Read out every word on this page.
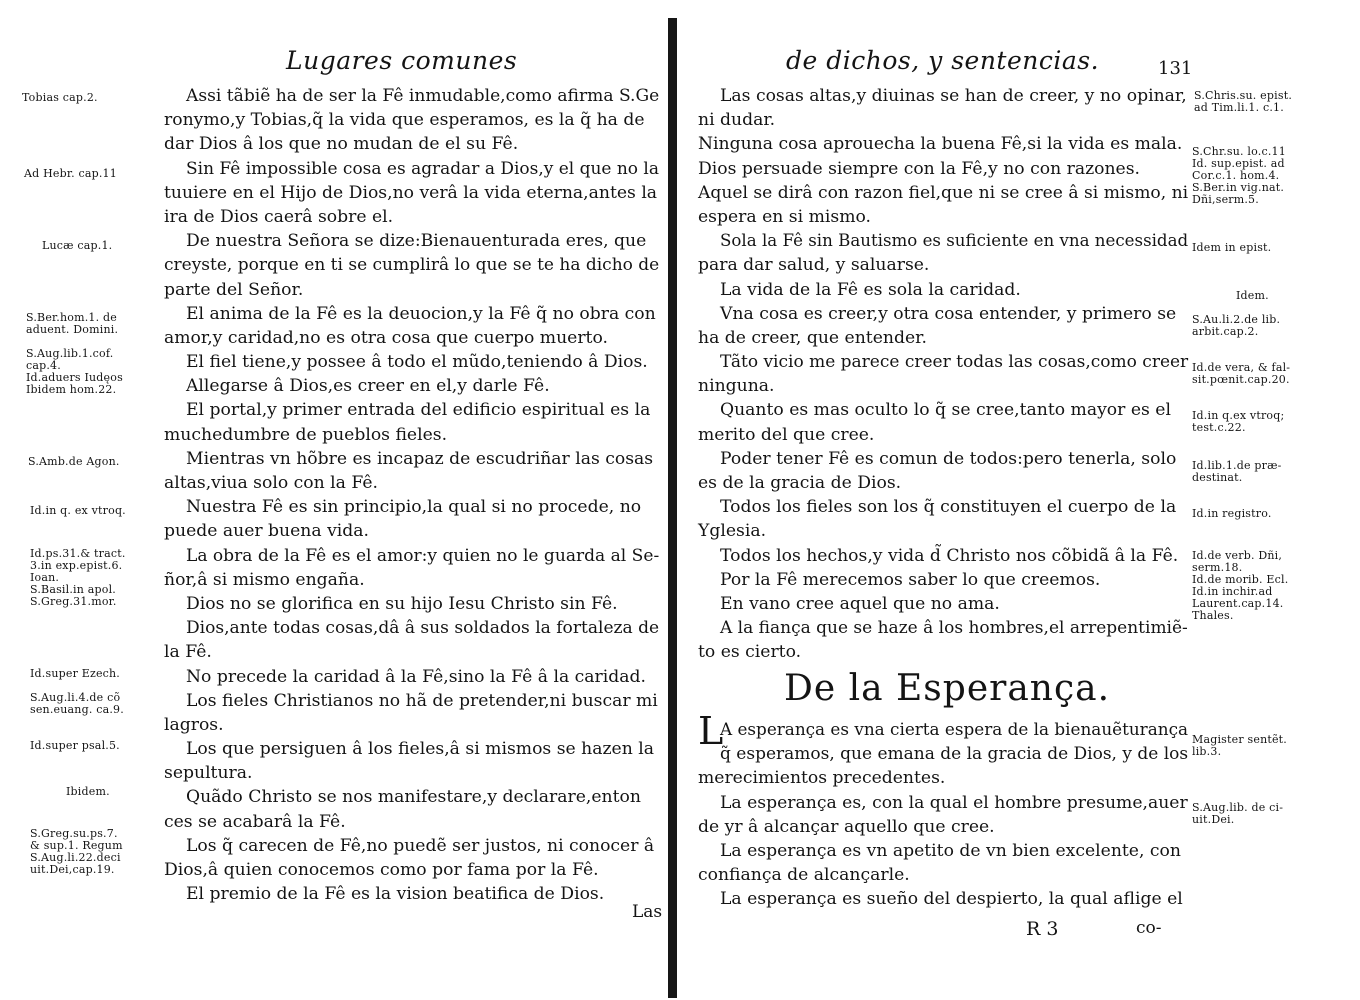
Lugares comunes
Assi tãbiẽ ha de ser la Fê inmudable,como afirma S.Ge
ronymo,y Tobias,q̃ la vida que esperamos, es la q̃ ha de
dar Dios â los que no mudan de el su Fê.
Sin Fê impossible cosa es agradar a Dios,y el que no la
tuuiere en el Hijo de Dios,no verâ la vida eterna,antes la
ira de Dios caerâ sobre el.
De nuestra Señora se dize:Bienauenturada eres, que
creyste, porque en ti se cumplirâ lo que se te ha dicho de
parte del Señor.
El anima de la Fê es la deuocion,y la Fê q̃ no obra con
amor,y caridad,no es otra cosa que cuerpo muerto.
El fiel tiene,y possee â todo el mũdo,teniendo â Dios.
Allegarse â Dios,es creer en el,y darle Fê.
El portal,y primer entrada del edificio espiritual es la
muchedumbre de pueblos fieles.
Mientras vn hõbre es incapaz de escudriñar las cosas
altas,viua solo con la Fê.
Nuestra Fê es sin principio,la qual si no procede, no
puede auer buena vida.
La obra de la Fê es el amor:y quien no le guarda al Se-
ñor,â si mismo engaña.
Dios no se glorifica en su hijo Iesu Christo sin Fê.
Dios,ante todas cosas,dâ â sus soldados la fortaleza de
la Fê.
No precede la caridad â la Fê,sino la Fê â la caridad.
Los fieles Christianos no hã de pretender,ni buscar mi
lagros.
Los que persiguen â los fieles,â si mismos se hazen la
sepultura.
Quãdo Christo se nos manifestare,y declarare,enton
ces se acabarâ la Fê.
Los q̃ carecen de Fê,no puedẽ ser justos, ni conocer â
Dios,â quien conocemos como por fama por la Fê.
El premio de la Fê es la vision beatifica de Dios.
Tobias cap.2.
Ad Hebr. cap.11
Lucæ cap.1.
S.Ber.hom.1. de
aduent. Domini.
S.Aug.lib.1.cof.
cap.4.
Id.aduers Iudęos
Ibidem hom.22.
S.Amb.de Agon.
Id.in q. ex vtroq.
Id.ps.31.& tract.
3.in exp.epist.6.
Ioan.
S.Basil.in apol.
S.Greg.31.mor.
Id.super Ezech.
S.Aug.li.4.de cõ
sen.euang. ca.9.
Id.super psal.5.
Ibidem.
S.Greg.su.ps.7.
& sup.1. Regum
S.Aug.li.22.deci
uit.Dei,cap.19.
Las
de dichos, y sentencias.	131
Las cosas altas,y diuinas se han de creer, y no opinar,
ni dudar.
Ninguna cosa aprouecha la buena Fê,si la vida es mala.
Dios persuade siempre con la Fê,y no con razones.
Aquel se dirâ con razon fiel,que ni se cree â si mismo, ni
espera en si mismo.
Sola la Fê sin Bautismo es suficiente en vna necessidad
para dar salud, y saluarse.
La vida de la Fê es sola la caridad.
Vna cosa es creer,y otra cosa entender, y primero se
ha de creer, que entender.
Tãto vicio me parece creer todas las cosas,como creer
ninguna.
Quanto es mas oculto lo q̃ se cree,tanto mayor es el
merito del que cree.
Poder tener Fê es comun de todos:pero tenerla, solo
es de la gracia de Dios.
Todos los fieles son los q̃ constituyen el cuerpo de la
Yglesia.
Todos los hechos,y vida d̃ Christo nos cõbidã â la Fê.
Por la Fê merecemos saber lo que creemos.
En vano cree aquel que no ama.
A la fiança que se haze â los hombres,el arrepentimiẽ-
to es cierto.
De la Esperança.
L
A esperança es vna cierta espera de la bienauẽturança
q̃ esperamos, que emana de la gracia de Dios, y de los
merecimientos precedentes.
La esperança es, con la qual el hombre presume,auer
de yr â alcançar aquello que cree.
La esperança es vn apetito de vn bien excelente, con
confiança de alcançarle.
La esperança es sueño del despierto, la qual aflige el
S.Chris.su. epist.
ad Tim.li.1. c.1.
S.Chr.su. lo.c.11
Id. sup.epist. ad
Cor.c.1. hom.4.
S.Ber.in vig.nat.
Dñi,serm.5.
Idem in epist.
Idem.
S.Au.li.2.de lib.
arbit.cap.2.
Id.de vera, & fal-
sit.pœnit.cap.20.
Id.in q.ex vtroq;
test.c.22.
Id.lib.1.de præ-
destinat.
Id.in registro.
Id.de verb. Dñi,
serm.18.
Id.de morib. Ecl.
Id.in inchir.ad
Laurent.cap.14.
Thales.
Magister sentẽt.
lib.3.
S.Aug.lib. de ci-
uit.Dei.
R 3	co-
